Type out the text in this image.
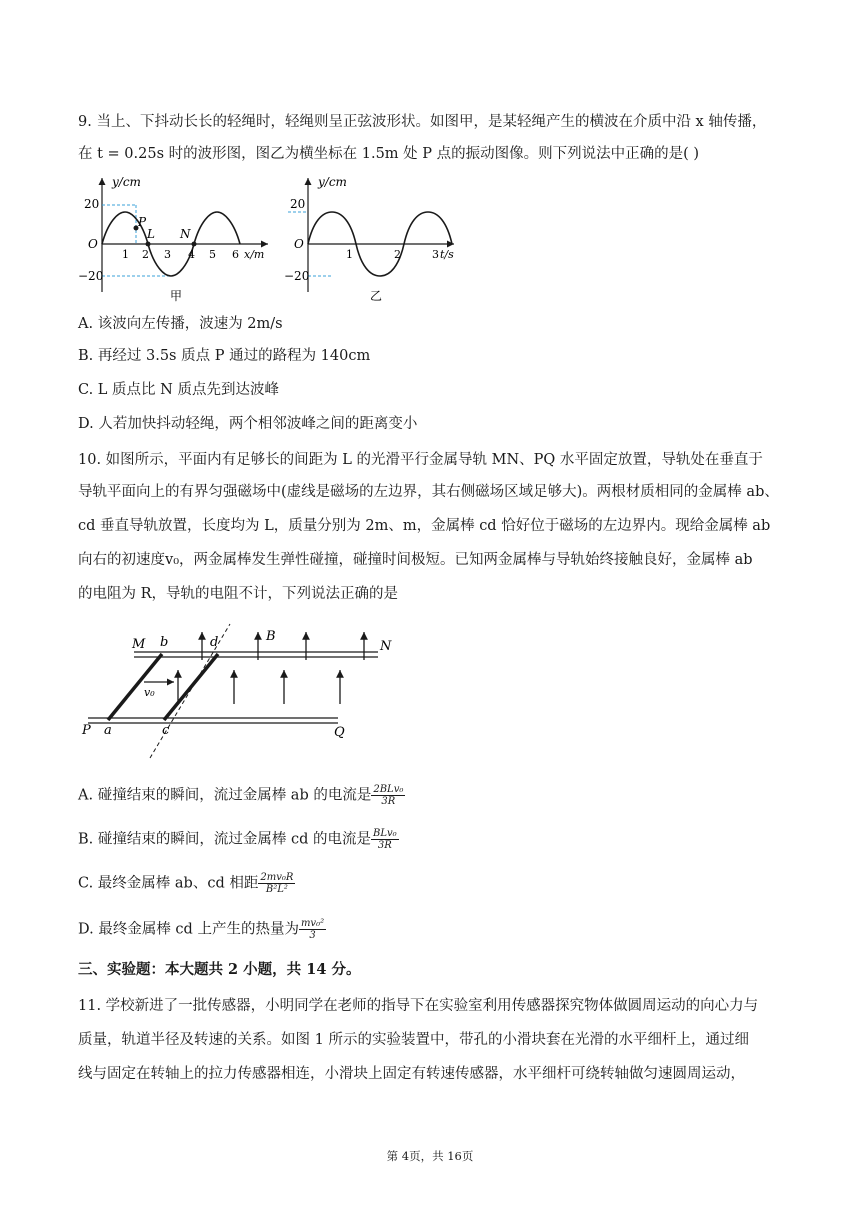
9. 当上、下抖动长长的轻绳时，轻绳则呈正弦波形状。如图甲，是某轻绳产生的横波在介质中沿 x 轴传播，
在 t = 0.25s 时的波形图，图乙为横坐标在 1.5m 处 P 点的振动图像。则下列说法中正确的是( )
y/cm
20
−20
O
P
L N
1 2 3 4 5 6 x/m
甲
y/cm
20
−20
O
1	2	3 t/s
乙
A. 该波向左传播，波速为 2m/s
B. 再经过 3.5s 质点 P 通过的路程为 140cm
C. L 质点比 N 质点先到达波峰
D. 人若加快抖动轻绳，两个相邻波峰之间的距离变小
10. 如图所示，平面内有足够长的间距为 L 的光滑平行金属导轨 MN、PQ 水平固定放置，导轨处在垂直于
导轨平面向上的有界匀强磁场中(虚线是磁场的左边界，其右侧磁场区域足够大)。两根材质相同的金属棒 ab、
cd 垂直导轨放置，长度均为 L，质量分别为 2m、m，金属棒 cd 恰好位于磁场的左边界内。现给金属棒 ab
向右的初速度v₀，两金属棒发生弹性碰撞，碰撞时间极短。已知两金属棒与导轨始终接触良好，金属棒 ab
的电阻为 R，导轨的电阻不计，下列说法正确的是
M b	d	B
N
v₀
P a	c	Q
A. 碰撞结束的瞬间，流过金属棒 ab 的电流是 $\frac{\text{2BLv₀}}{3R}$
B. 碰撞结束的瞬间，流过金属棒 cd 的电流是 $\frac{\text{BLv₀}}{3R}$
C. 最终金属棒 ab、cd 相距 $\frac{\text{2mv₀R}}{\text{B²L²}}$
D. 最终金属棒 cd 上产生的热量为 $\frac{\text{mv₀²}}{3}$
三、实验题：本大题共 2 小题，共 14 分。
11. 学校新进了一批传感器，小明同学在老师的指导下在实验室利用传感器探究物体做圆周运动的向心力与
质量，轨道半径及转速的关系。如图 1 所示的实验装置中，带孔的小滑块套在光滑的水平细杆上，通过细
线与固定在转轴上的拉力传感器相连，小滑块上固定有转速传感器，水平细杆可绕转轴做匀速圆周运动，
第 4页，共 16页
